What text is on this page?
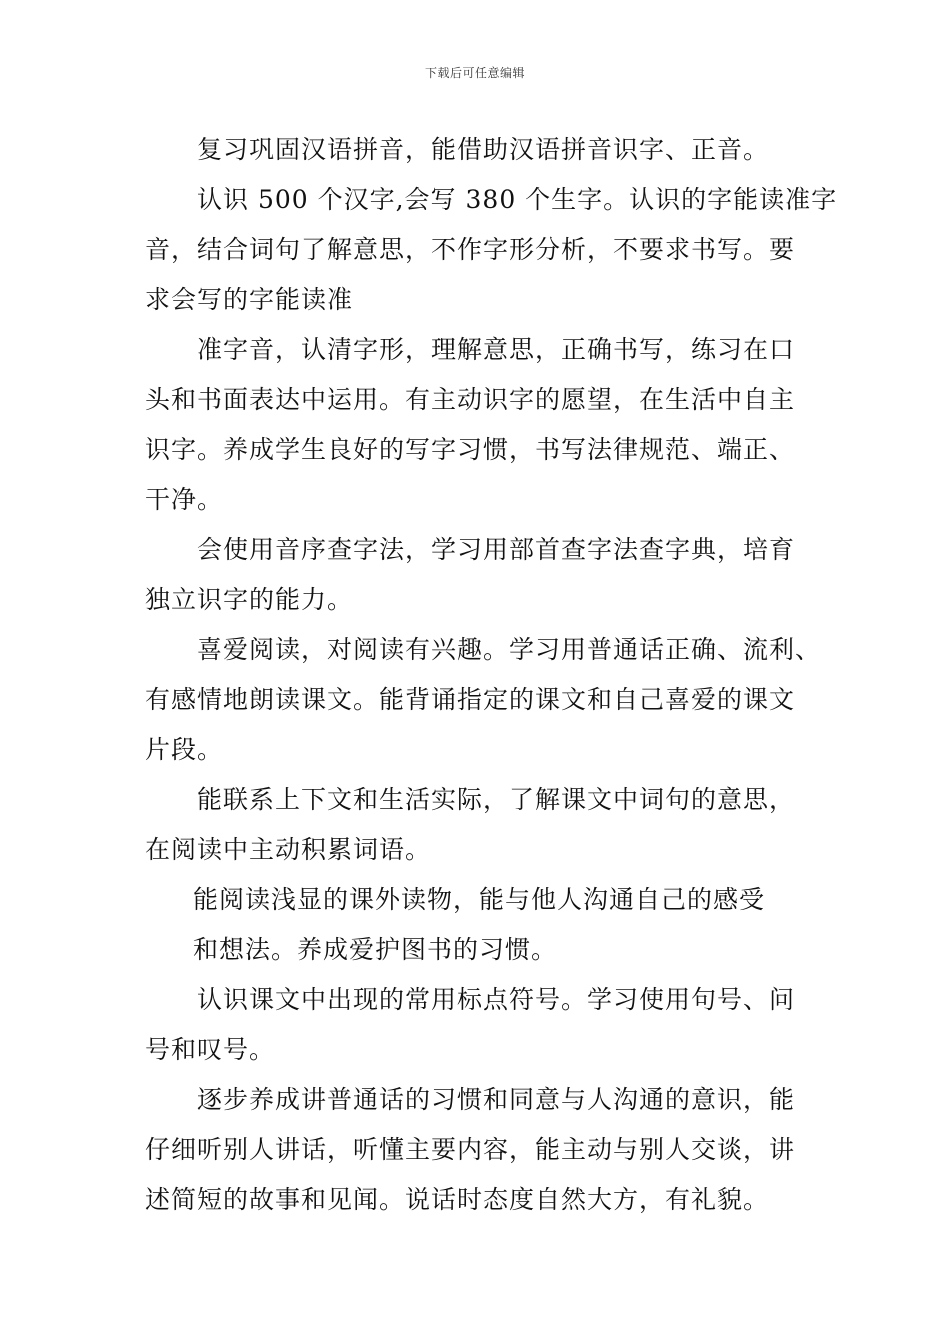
下载后可任意编辑
复习巩固汉语拼音，能借助汉语拼音识字、正音。
认识 500 个汉字,会写 380 个生字。认识的字能读准字
音，结合词句了解意思，不作字形分析，不要求书写。要
求会写的字能读准
准字音，认清字形，理解意思，正确书写，练习在口
头和书面表达中运用。有主动识字的愿望，在生活中自主
识字。养成学生良好的写字习惯，书写法律规范、端正、
干净。
会使用音序查字法，学习用部首查字法查字典，培育
独立识字的能力。
喜爱阅读，对阅读有兴趣。学习用普通话正确、流利、
有感情地朗读课文。能背诵指定的课文和自己喜爱的课文
片段。
能联系上下文和生活实际，了解课文中词句的意思，
在阅读中主动积累词语。
能阅读浅显的课外读物，能与他人沟通自己的感受
和想法。养成爱护图书的习惯。
认识课文中出现的常用标点符号。学习使用句号、问
号和叹号。
逐步养成讲普通话的习惯和同意与人沟通的意识，能
仔细听别人讲话，听懂主要内容，能主动与别人交谈，讲
述简短的故事和见闻。说话时态度自然大方，有礼貌。
